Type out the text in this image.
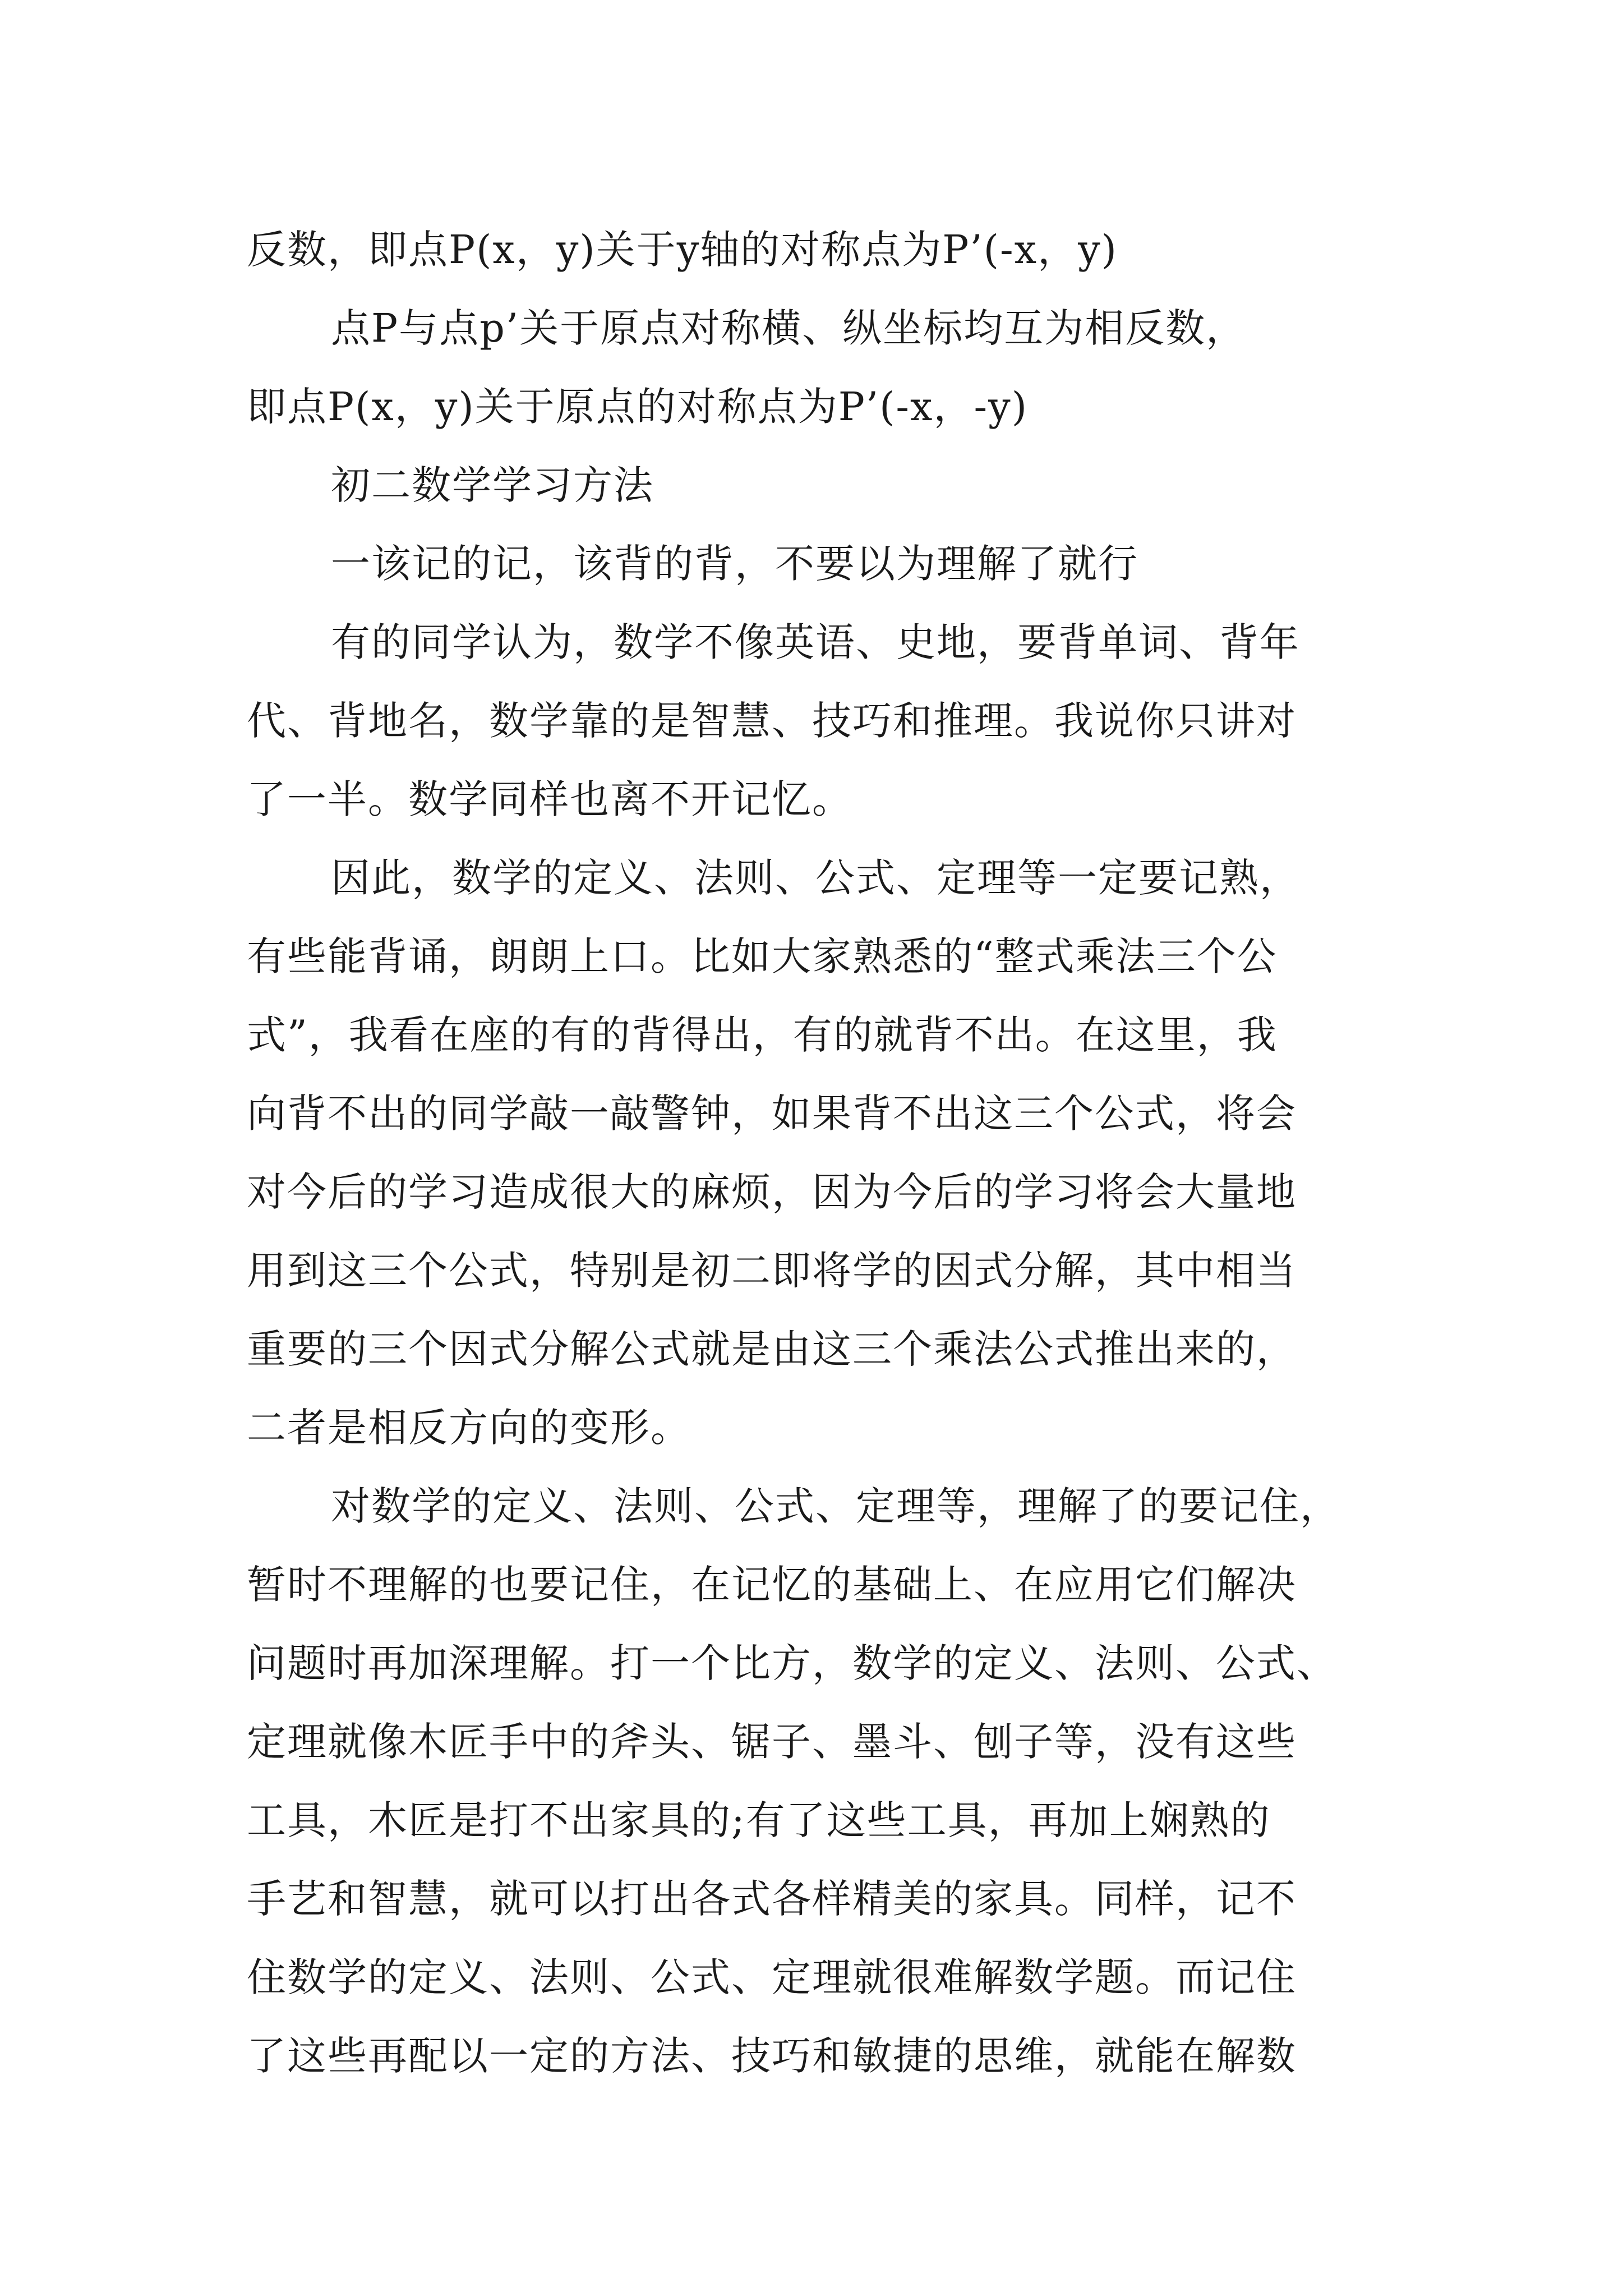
反数，即点P(x，y)关于y轴的对称点为P’(-x，y)
点P与点p’关于原点对称横、纵坐标均互为相反数，
即点P(x，y)关于原点的对称点为P’(-x，-y)
初二数学学习方法
一该记的记，该背的背，不要以为理解了就行
有的同学认为，数学不像英语、史地，要背单词、背年
代、背地名，数学靠的是智慧、技巧和推理。我说你只讲对
了一半。数学同样也离不开记忆。
因此，数学的定义、法则、公式、定理等一定要记熟，
有些能背诵，朗朗上口。比如大家熟悉的“整式乘法三个公
式”，我看在座的有的背得出，有的就背不出。在这里，我
向背不出的同学敲一敲警钟，如果背不出这三个公式，将会
对今后的学习造成很大的麻烦，因为今后的学习将会大量地
用到这三个公式，特别是初二即将学的因式分解，其中相当
重要的三个因式分解公式就是由这三个乘法公式推出来的，
二者是相反方向的变形。
对数学的定义、法则、公式、定理等，理解了的要记住，
暂时不理解的也要记住，在记忆的基础上、在应用它们解决
问题时再加深理解。打一个比方，数学的定义、法则、公式、
定理就像木匠手中的斧头、锯子、墨斗、刨子等，没有这些
工具，木匠是打不出家具的;有了这些工具，再加上娴熟的
手艺和智慧，就可以打出各式各样精美的家具。同样，记不
住数学的定义、法则、公式、定理就很难解数学题。而记住
了这些再配以一定的方法、技巧和敏捷的思维，就能在解数
